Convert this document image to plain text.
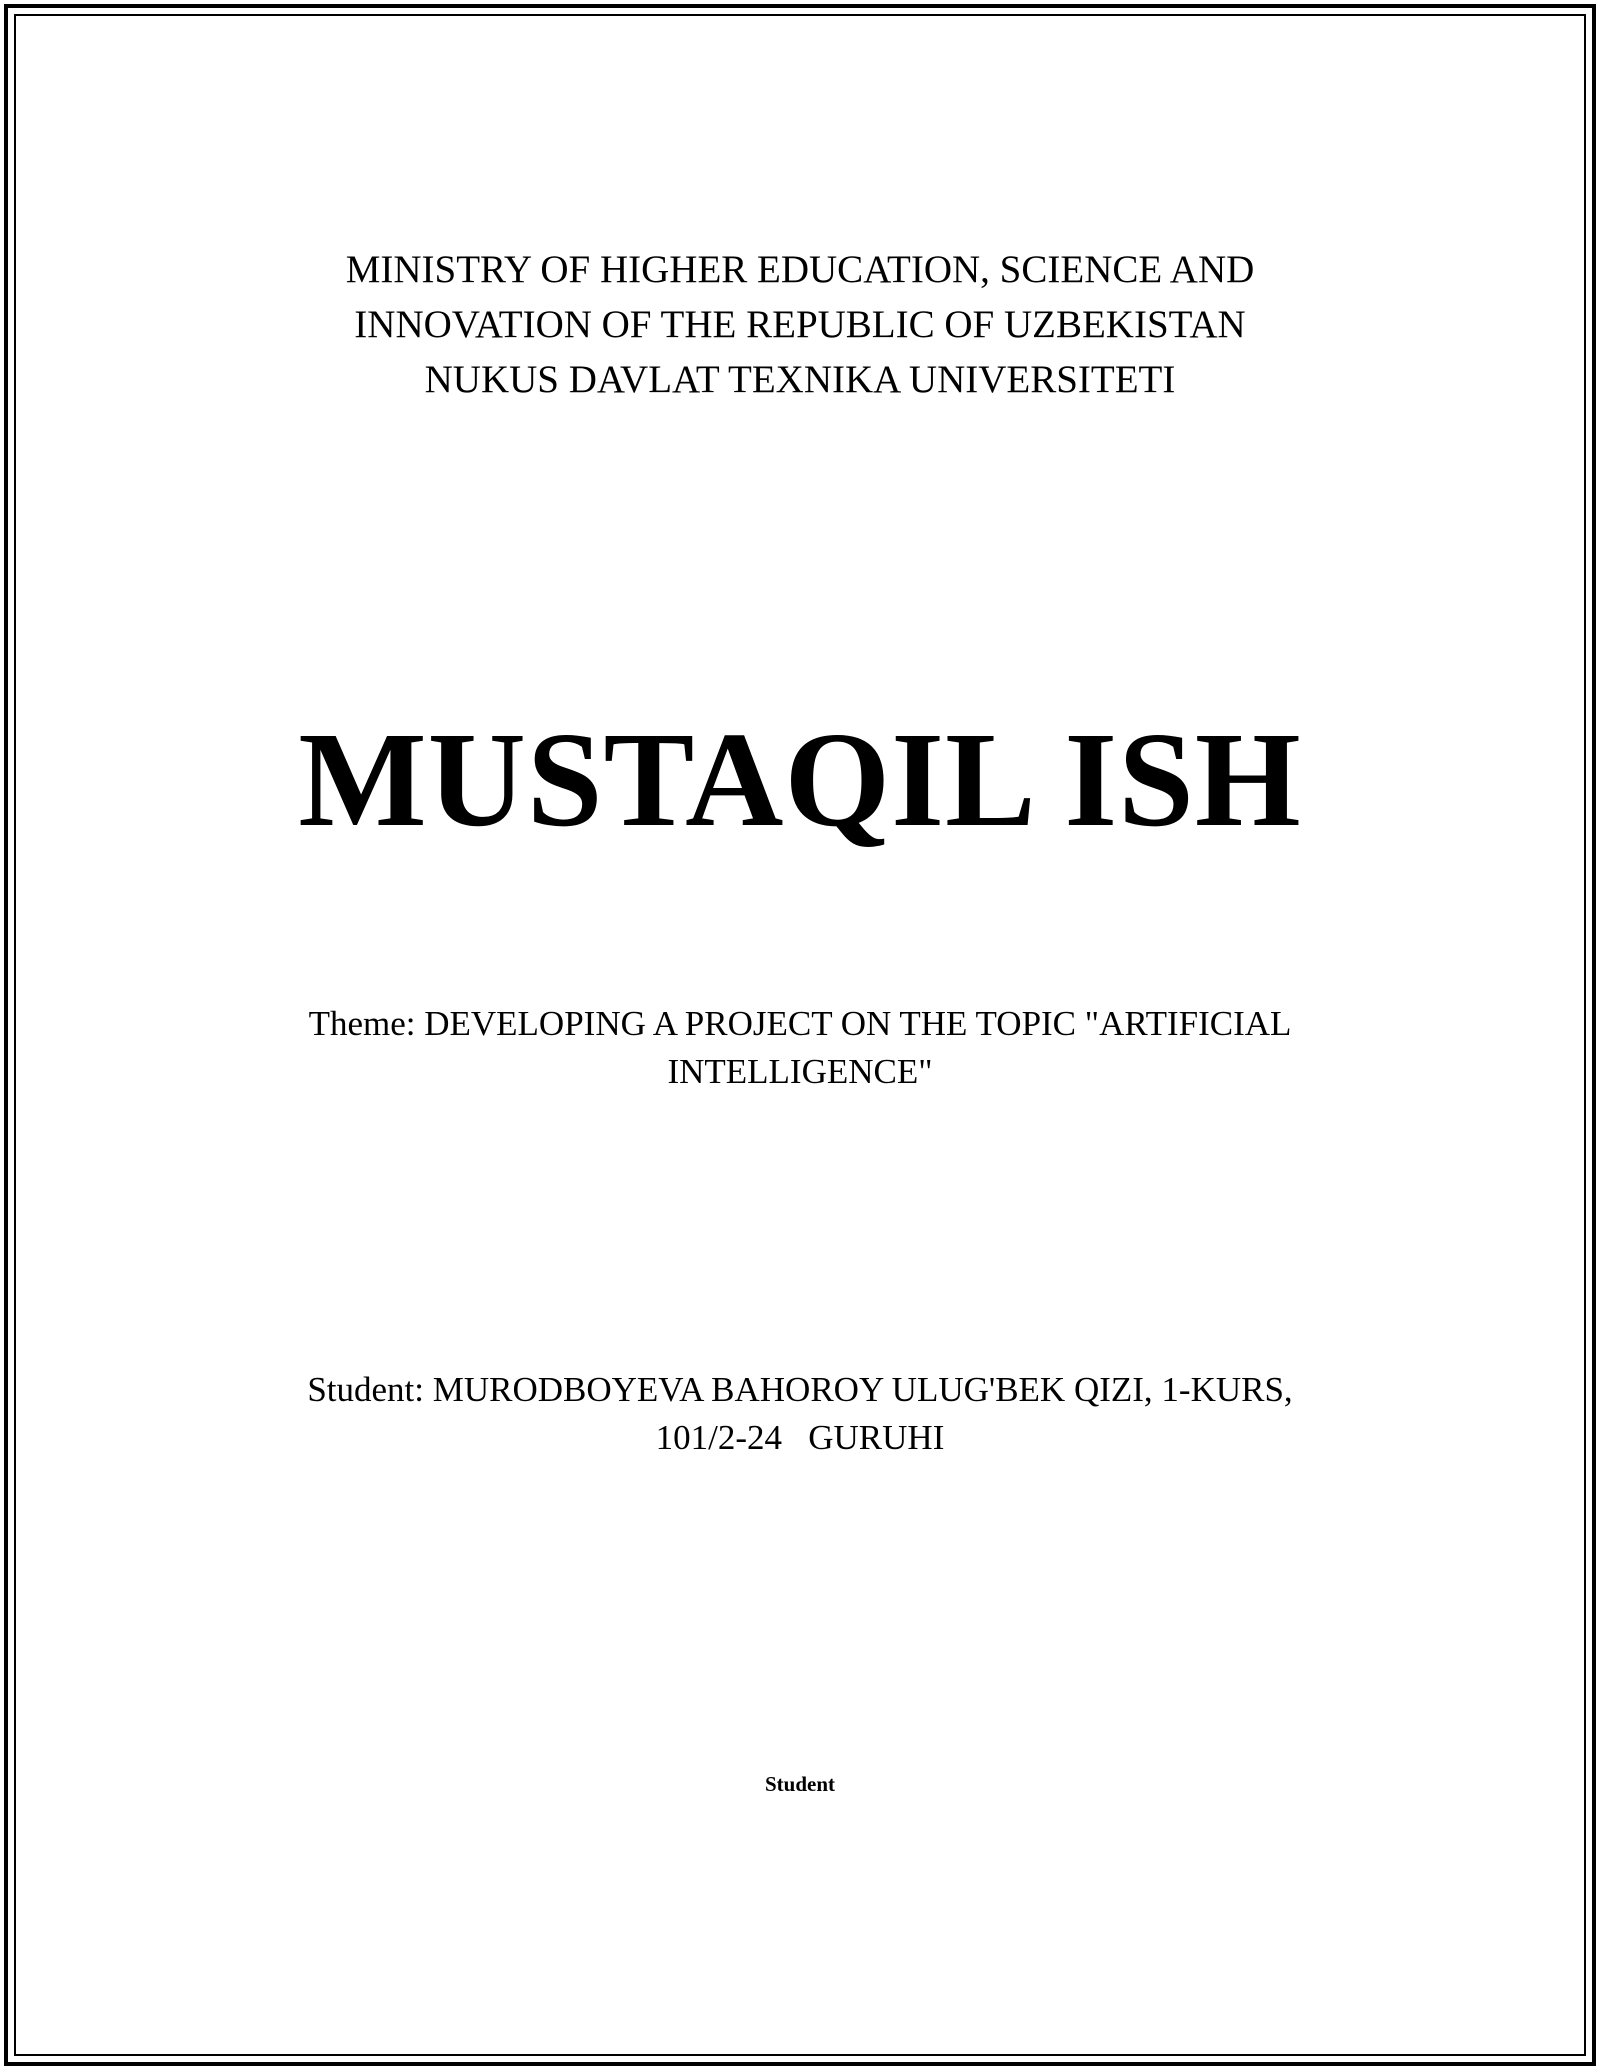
MINISTRY OF HIGHER EDUCATION, SCIENCE AND
INNOVATION OF THE REPUBLIC OF UZBEKISTAN
NUKUS DAVLAT TEXNIKA UNIVERSITETI
MUSTAQIL ISH
Theme: DEVELOPING A PROJECT ON THE TOPIC "ARTIFICIAL
INTELLIGENCE"
Student: MURODBOYEVA BAHOROY ULUG'BEK QIZI, 1-KURS,
101/2-24   GURUHI
Student
